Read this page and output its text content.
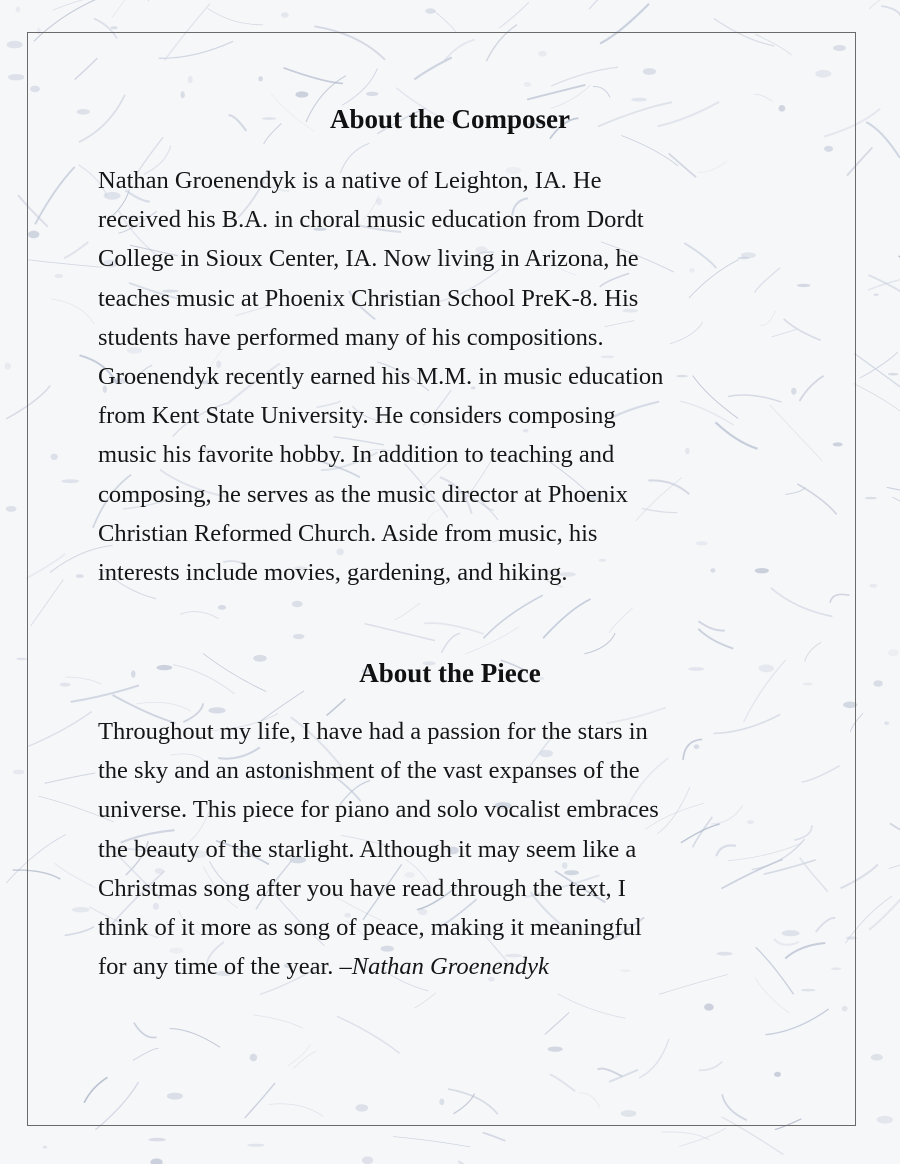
About the Composer
Nathan Groenendyk is a native of Leighton, IA. He
received his B.A. in choral music education from Dordt
College in Sioux Center, IA. Now living in Arizona, he
teaches music at Phoenix Christian School PreK-8. His
students have performed many of his compositions.
Groenendyk recently earned his M.M. in music education
from Kent State University. He considers composing
music his favorite hobby. In addition to teaching and
composing, he serves as the music director at Phoenix
Christian Reformed Church. Aside from music, his
interests include movies, gardening, and hiking.
About the Piece
Throughout my life, I have had a passion for the stars in
the sky and an astonishment of the vast expanses of the
universe. This piece for piano and solo vocalist embraces
the beauty of the starlight. Although it may seem like a
Christmas song after you have read through the text, I
think of it more as song of peace, making it meaningful
for any time of the year. –Nathan Groenendyk
